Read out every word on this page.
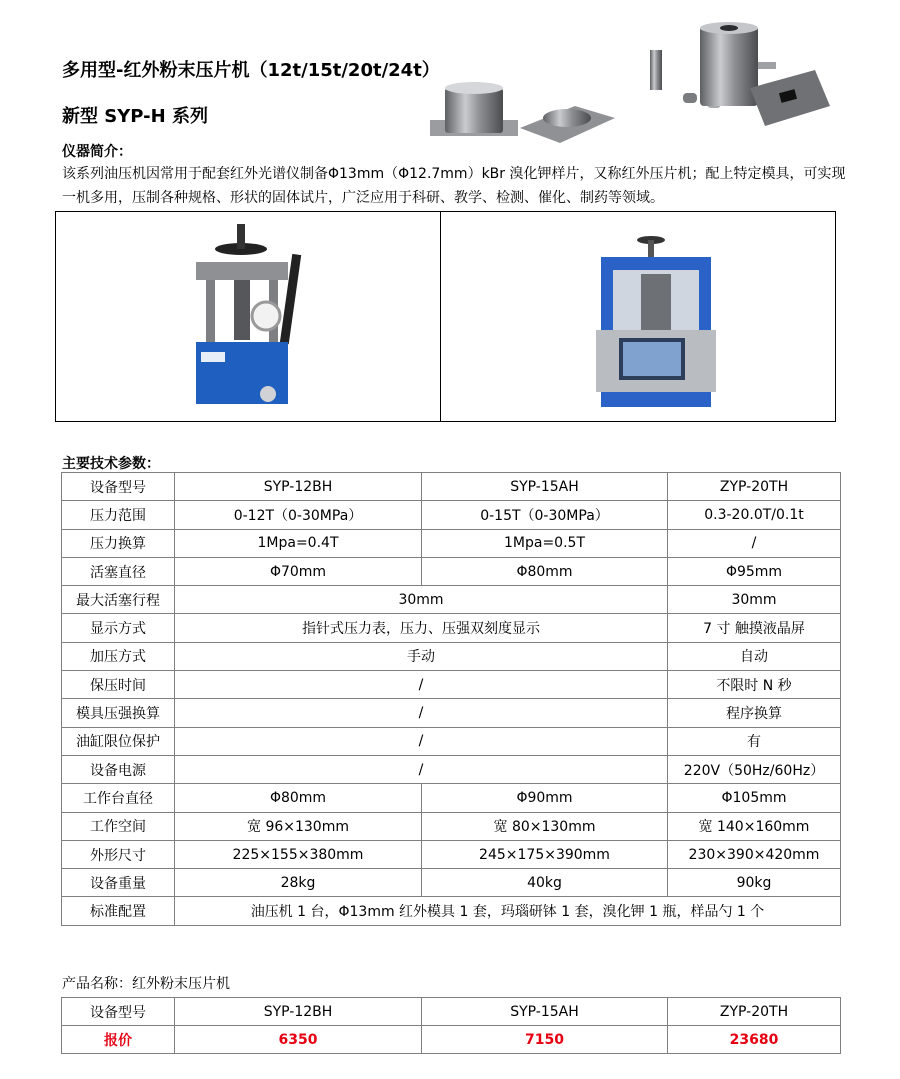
多用型-红外粉末压片机（12t/15t/20t/24t）
新型 SYP-H 系列
仪器简介：
该系列油压机因常用于配套红外光谱仪制备Φ13mm（Φ12.7mm）kBr 溴化钾样片，又称红外压片机；配上特定模具，可实现一机多用，压制各种规格、形状的固体试片，广泛应用于科研、教学、检测、催化、制药等领域。
主要技术参数：
设备型号	SYP-12BH	SYP-15AH	ZYP-20TH
压力范围	0-12T（0-30MPa）	0-15T（0-30MPa）	0.3-20.0T/0.1t
压力换算	1Mpa=0.4T	1Mpa=0.5T	/
活塞直径	Φ70mm	Φ80mm	Φ95mm
最大活塞行程	30mm		30mm
显示方式	指针式压力表，压力、压强双刻度显示		7 寸 触摸液晶屏
加压方式	手动		自动
保压时间	/		不限时 N 秒
模具压强换算	/		程序换算
油缸限位保护	/		有
设备电源	/		220V（50Hz/60Hz）
工作台直径	Φ80mm	Φ90mm	Φ105mm
工作空间	宽 96×130mm	宽 80×130mm	宽 140×160mm
外形尺寸	225×155×380mm	245×175×390mm	230×390×420mm
设备重量	28kg	40kg	90kg
标准配置	油压机 1 台，Φ13mm 红外模具 1 套，玛瑙研钵 1 套，溴化钾 1 瓶，样品勺 1 个		
产品名称：红外粉末压片机
设备型号	SYP-12BH	SYP-15AH	ZYP-20TH
报价	6350	7150	23680
